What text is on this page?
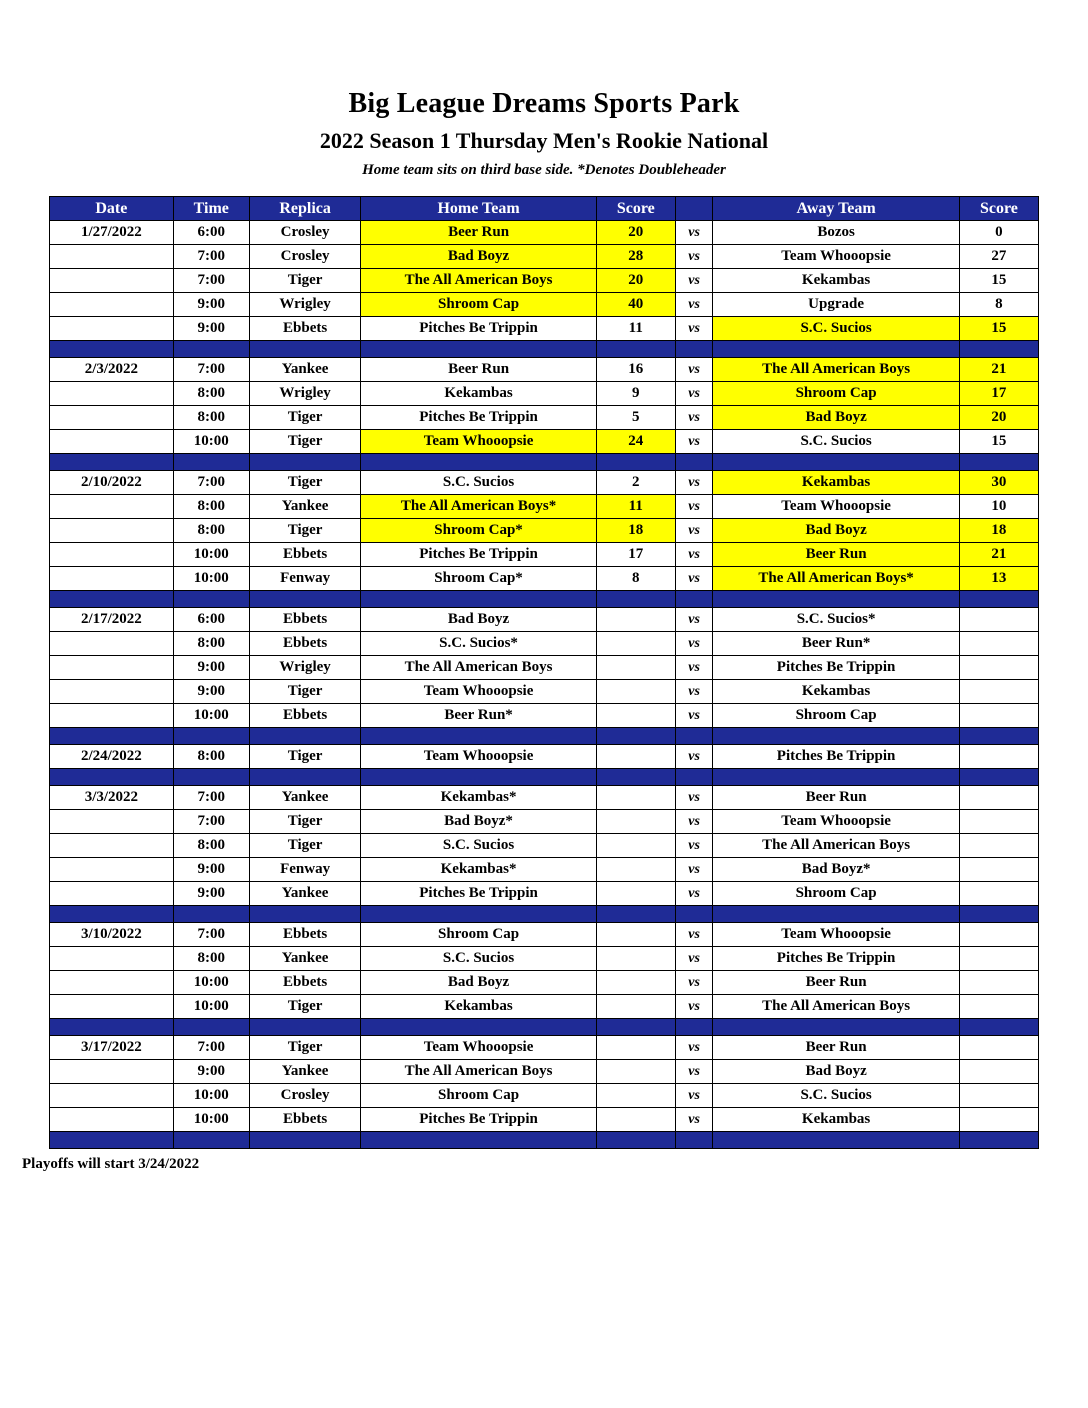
Big League Dreams Sports Park
2022 Season 1 Thursday Men's Rookie National
Home team sits on third base side. *Denotes Doubleheader
Date	Time	Replica	Home Team	Score		Away Team	Score
1/27/2022	6:00	Crosley	Beer Run	20	vs	Bozos	0
	7:00	Crosley	Bad Boyz	28	vs	Team Whooopsie	27
	7:00	Tiger	The All American Boys	20	vs	Kekambas	15
	9:00	Wrigley	Shroom Cap	40	vs	Upgrade	8
	9:00	Ebbets	Pitches Be Trippin	11	vs	S.C. Sucios	15

2/3/2022	7:00	Yankee	Beer Run	16	vs	The All American Boys	21
	8:00	Wrigley	Kekambas	9	vs	Shroom Cap	17
	8:00	Tiger	Pitches Be Trippin	5	vs	Bad Boyz	20
	10:00	Tiger	Team Whooopsie	24	vs	S.C. Sucios	15

2/10/2022	7:00	Tiger	S.C. Sucios	2	vs	Kekambas	30
	8:00	Yankee	The All American Boys*	11	vs	Team Whooopsie	10
	8:00	Tiger	Shroom Cap*	18	vs	Bad Boyz	18
	10:00	Ebbets	Pitches Be Trippin	17	vs	Beer Run	21
	10:00	Fenway	Shroom Cap*	8	vs	The All American Boys*	13

2/17/2022	6:00	Ebbets	Bad Boyz		vs	S.C. Sucios*	
	8:00	Ebbets	S.C. Sucios*		vs	Beer Run*	
	9:00	Wrigley	The All American Boys		vs	Pitches Be Trippin	
	9:00	Tiger	Team Whooopsie		vs	Kekambas	
	10:00	Ebbets	Beer Run*		vs	Shroom Cap	

2/24/2022	8:00	Tiger	Team Whooopsie		vs	Pitches Be Trippin	

3/3/2022	7:00	Yankee	Kekambas*		vs	Beer Run	
	7:00	Tiger	Bad Boyz*		vs	Team Whooopsie	
	8:00	Tiger	S.C. Sucios		vs	The All American Boys	
	9:00	Fenway	Kekambas*		vs	Bad Boyz*	
	9:00	Yankee	Pitches Be Trippin		vs	Shroom Cap	

3/10/2022	7:00	Ebbets	Shroom Cap		vs	Team Whooopsie	
	8:00	Yankee	S.C. Sucios		vs	Pitches Be Trippin	
	10:00	Ebbets	Bad Boyz		vs	Beer Run	
	10:00	Tiger	Kekambas		vs	The All American Boys	

3/17/2022	7:00	Tiger	Team Whooopsie		vs	Beer Run	
	9:00	Yankee	The All American Boys		vs	Bad Boyz	
	10:00	Crosley	Shroom Cap		vs	S.C. Sucios	
	10:00	Ebbets	Pitches Be Trippin		vs	Kekambas	

Playoffs will start 3/24/2022
